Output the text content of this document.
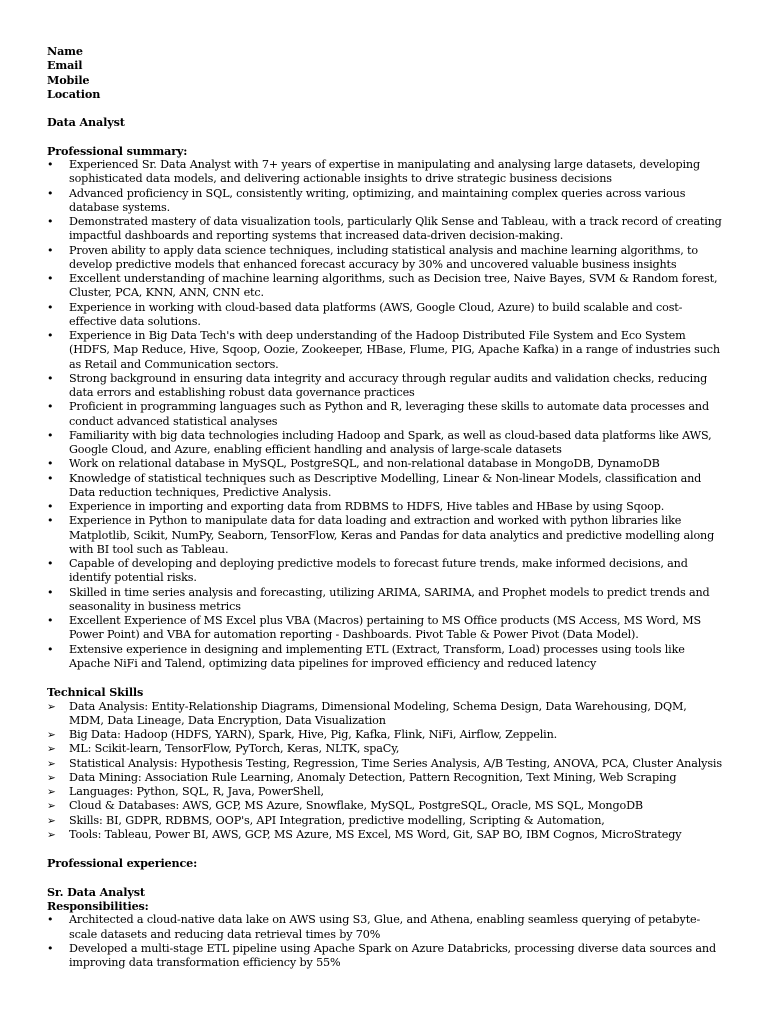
Name
Email
Mobile
Location
Data Analyst
Professional summary:
• Experienced Sr. Data Analyst with 7+ years of expertise in manipulating and analysing large datasets, developing sophisticated data models, and delivering actionable insights to drive strategic business decisions
• Advanced proficiency in SQL, consistently writing, optimizing, and maintaining complex queries across various database systems.
• Demonstrated mastery of data visualization tools, particularly Qlik Sense and Tableau, with a track record of creating impactful dashboards and reporting systems that increased data-driven decision-making.
• Proven ability to apply data science techniques, including statistical analysis and machine learning algorithms, to develop predictive models that enhanced forecast accuracy by 30% and uncovered valuable business insights
• Excellent understanding of machine learning algorithms, such as Decision tree, Naive Bayes, SVM & Random forest, Cluster, PCA, KNN, ANN, CNN etc.
• Experience in working with cloud-based data platforms (AWS, Google Cloud, Azure) to build scalable and cost-effective data solutions.
• Experience in Big Data Tech's with deep understanding of the Hadoop Distributed File System and Eco System (HDFS, Map Reduce, Hive, Sqoop, Oozie, Zookeeper, HBase, Flume, PIG, Apache Kafka) in a range of industries such as Retail and Communication sectors.
• Strong background in ensuring data integrity and accuracy through regular audits and validation checks, reducing data errors and establishing robust data governance practices
• Proficient in programming languages such as Python and R, leveraging these skills to automate data processes and conduct advanced statistical analyses
• Familiarity with big data technologies including Hadoop and Spark, as well as cloud-based data platforms like AWS, Google Cloud, and Azure, enabling efficient handling and analysis of large-scale datasets
• Work on relational database in MySQL, PostgreSQL, and non-relational database in MongoDB, DynamoDB
• Knowledge of statistical techniques such as Descriptive Modelling, Linear & Non-linear Models, classification and Data reduction techniques, Predictive Analysis.
• Experience in importing and exporting data from RDBMS to HDFS, Hive tables and HBase by using Sqoop.
• Experience in Python to manipulate data for data loading and extraction and worked with python libraries like Matplotlib, Scikit, NumPy, Seaborn, TensorFlow, Keras and Pandas for data analytics and predictive modelling along with BI tool such as Tableau.
• Capable of developing and deploying predictive models to forecast future trends, make informed decisions, and identify potential risks.
• Skilled in time series analysis and forecasting, utilizing ARIMA, SARIMA, and Prophet models to predict trends and seasonality in business metrics
• Excellent Experience of MS Excel plus VBA (Macros) pertaining to MS Office products (MS Access, MS Word, MS Power Point) and VBA for automation reporting - Dashboards. Pivot Table & Power Pivot (Data Model).
• Extensive experience in designing and implementing ETL (Extract, Transform, Load) processes using tools like Apache NiFi and Talend, optimizing data pipelines for improved efficiency and reduced latency
Technical Skills
➢ Data Analysis: Entity-Relationship Diagrams, Dimensional Modeling, Schema Design, Data Warehousing, DQM, MDM, Data Lineage, Data Encryption, Data Visualization
➢ Big Data: Hadoop (HDFS, YARN), Spark, Hive, Pig, Kafka, Flink, NiFi, Airflow, Zeppelin.
➢ ML: Scikit-learn, TensorFlow, PyTorch, Keras, NLTK, spaCy,
➢ Statistical Analysis: Hypothesis Testing, Regression, Time Series Analysis, A/B Testing, ANOVA, PCA, Cluster Analysis
➢ Data Mining: Association Rule Learning, Anomaly Detection, Pattern Recognition, Text Mining, Web Scraping
➢ Languages: Python, SQL, R, Java, PowerShell,
➢ Cloud & Databases: AWS, GCP, MS Azure, Snowflake, MySQL, PostgreSQL, Oracle, MS SQL, MongoDB
➢ Skills: BI, GDPR, RDBMS, OOP's, API Integration, predictive modelling, Scripting & Automation,
➢ Tools: Tableau, Power BI, AWS, GCP, MS Azure, MS Excel, MS Word, Git, SAP BO, IBM Cognos, MicroStrategy
Professional experience:
Sr. Data Analyst
Responsibilities:
• Architected a cloud-native data lake on AWS using S3, Glue, and Athena, enabling seamless querying of petabyte-scale datasets and reducing data retrieval times by 70%
• Developed a multi-stage ETL pipeline using Apache Spark on Azure Databricks, processing diverse data sources and improving data transformation efficiency by 55%
